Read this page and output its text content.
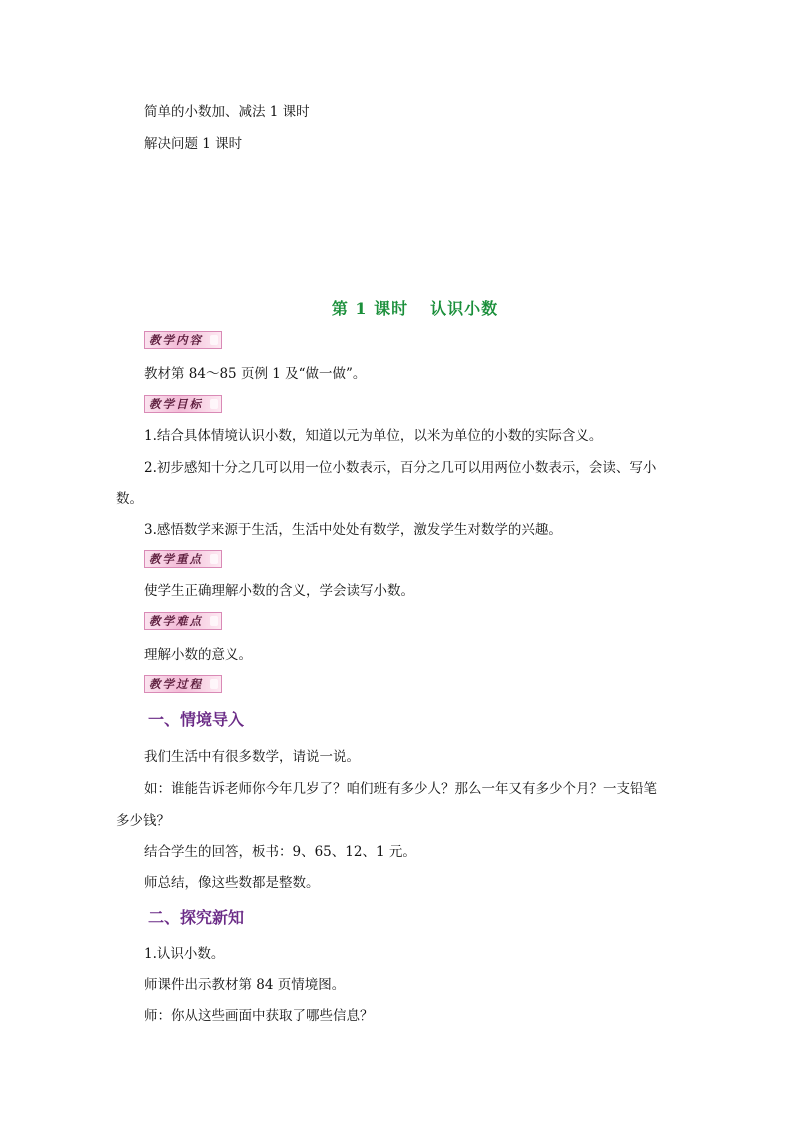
简单的小数加、减法 1 课时
解决问题 1 课时
第 1 课时 认识小数
教学内容
教材第 84～85 页例 1 及“做一做”。
教学目标
1.结合具体情境认识小数，知道以元为单位，以米为单位的小数的实际含义。
2.初步感知十分之几可以用一位小数表示，百分之几可以用两位小数表示，会读、写小
数。
3.感悟数学来源于生活，生活中处处有数学，激发学生对数学的兴趣。
教学重点
使学生正确理解小数的含义，学会读写小数。
教学难点
理解小数的意义。
教学过程
一、情境导入
我们生活中有很多数学，请说一说。
如：谁能告诉老师你今年几岁了？咱们班有多少人？那么一年又有多少个月？一支铅笔
多少钱？
结合学生的回答，板书：9、65、12、1 元。
师总结，像这些数都是整数。
二、探究新知
1.认识小数。
师课件出示教材第 84 页情境图。
师：你从这些画面中获取了哪些信息？
